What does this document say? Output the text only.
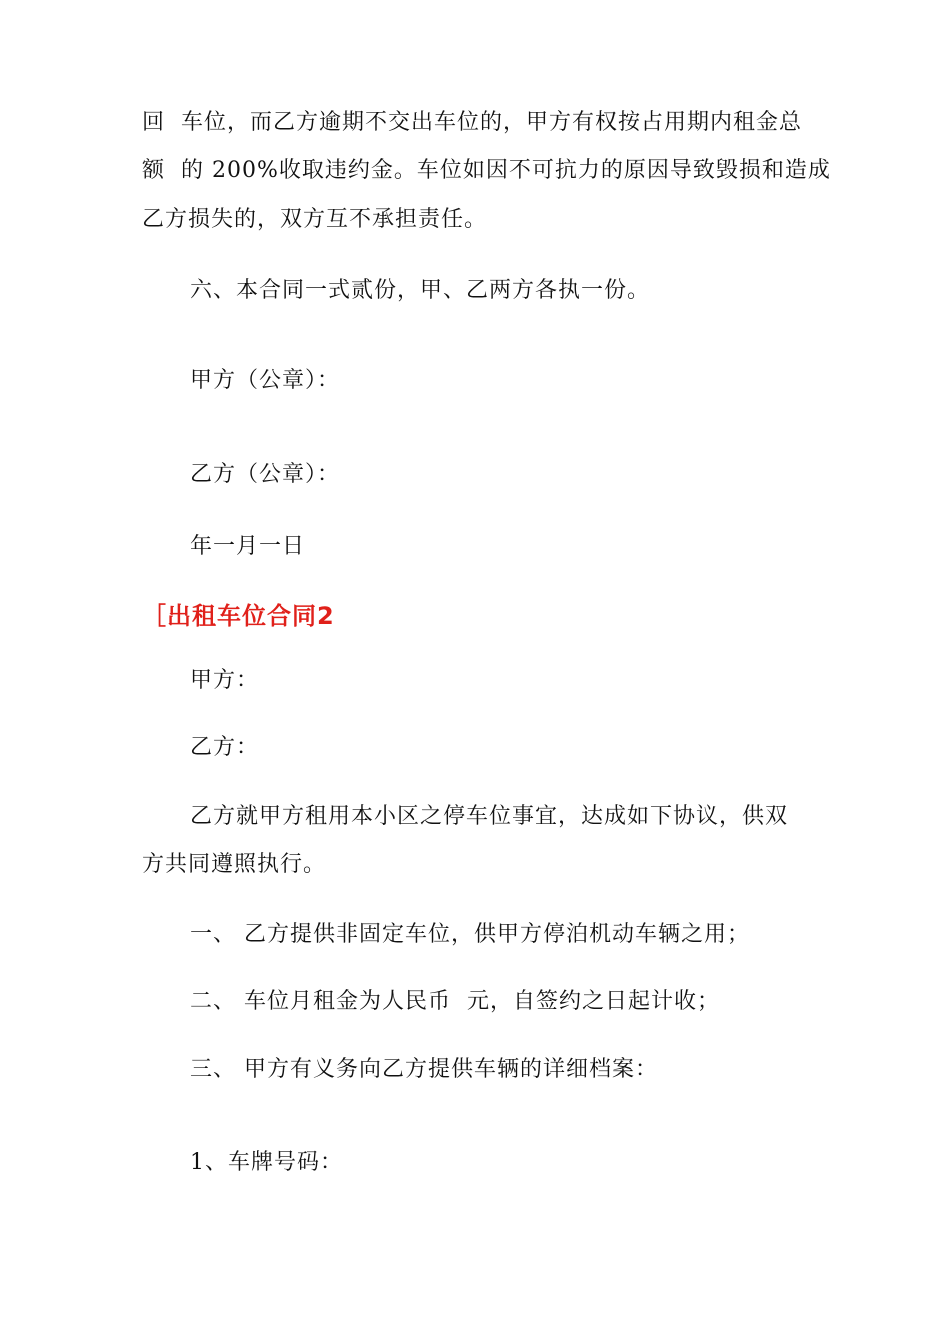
回  车位，而乙方逾期不交出车位的，甲方有权按占用期内租金总
额  的 200%收取违约金。车位如因不可抗力的原因导致毁损和造成
乙方损失的，双方互不承担责任。
六、本合同一式贰份，甲、乙两方各执一份。
甲方（公章）：
乙方（公章）：
年一月一日
［出租车位合同2
甲方：
乙方：
乙方就甲方租用本小区之停车位事宜，达成如下协议，供双
方共同遵照执行。
一、 乙方提供非固定车位，供甲方停泊机动车辆之用；
二、 车位月租金为人民币  元，自签约之日起计收；
三、 甲方有义务向乙方提供车辆的详细档案：
1、车牌号码：
